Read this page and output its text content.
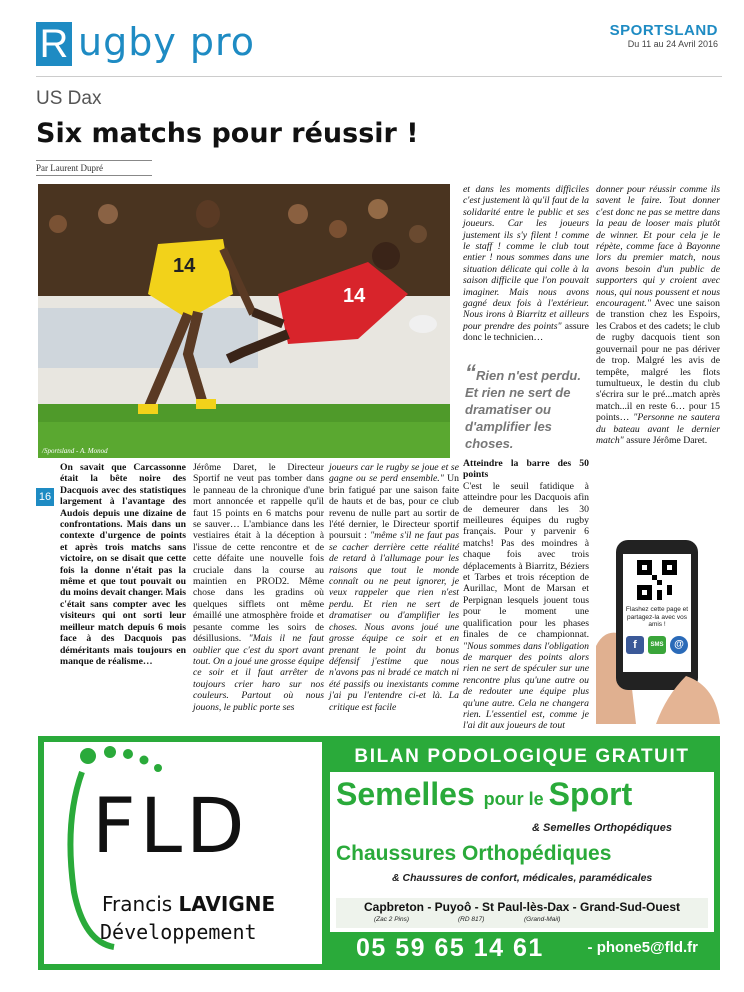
R ugby pro	SPORTSLAND
Du 11 au 24 Avril 2016
US Dax
Six matchs pour réussir !
Par Laurent Dupré
14
14
/Sportsland - A. Monod
16
On savait que Carcassonne était la bête noire des Dacquois avec des statistiques largement à l'avantage des Audois depuis une dizaine de confrontations. Mais dans un contexte d'urgence de points et après trois matchs sans victoire, on se disait que cette fois la donne n'était pas la même et que tout pouvait ou du moins devait changer. Mais c'était sans compter avec les visiteurs qui ont sorti leur meilleur match depuis 6 mois face à des Dacquois pas déméritants mais toujours en manque de réalisme…
Jérôme Daret, le Directeur Sportif ne veut pas tomber dans le panneau de la chronique d'une mort annoncée et rappelle qu'il faut 15 points en 6 matchs pour se sauver… L'ambiance dans les vestiaires était à la déception à l'issue de cette rencontre et de cette défaite une nouvelle fois cruciale dans la course au maintien en PROD2. Même chose dans les gradins où quelques sifflets ont même émaillé une atmosphère froide et pesante comme les soirs de désillusions. "Mais il ne faut oublier que c'est du sport avant tout. On a joué une grosse équipe ce soir et il faut arrêter de toujours crier haro sur nos couleurs. Partout où nous jouons, le public porte ses
joueurs car le rugby se joue et se gagne ou se perd ensemble." Un brin fatigué par une saison faite de hauts et de bas, pour ce club revenu de nulle part au sortir de l'été dernier, le Directeur sportif poursuit : "même s'il ne faut pas se cacher derrière cette réalité de retard à l'allumage pour les raisons que tout le monde connaît ou ne peut ignorer, je veux rappeler que rien n'est perdu. Et rien ne sert de dramatiser ou d'amplifier les choses. Nous avons joué une grosse équipe ce soir et en prenant le point du bonus défensif j'estime que nous n'avons pas ni bradé ce match ni été passifs ou inexistants comme j'ai pu l'entendre ci-et là. La critique est facile
et dans les moments difficiles c'est justement là qu'il faut de la solidarité entre le public et ses joueurs. Car les joueurs justement ils s'y filent ! comme le staff ! comme le club tout entier ! nous sommes dans une situation délicate qui colle à la saison difficile que l'on pouvait imaginer. Mais nous avons gagné deux fois à l'extérieur. Nous irons à Biarritz et ailleurs pour prendre des points" assure donc le technicien…
“Rien n'est perdu. Et rien ne sert de dramatiser ou d'amplifier les choses.
Atteindre la barre des 50 points
C'est le seuil fatidique à atteindre pour les Dacquois afin de demeurer dans les 30 meilleures équipes du rugby français. Pour y parvenir 6 matchs! Pas des moindres à chaque fois avec trois déplacements à Biarritz, Béziers et Tarbes et trois réception de Aurillac, Mont de Marsan et Perpignan lesquels jouent tous pour le moment une qualification pour les phases finales de ce championnat. "Nous sommes dans l'obligation de marquer des points alors rien ne sert de spéculer sur une rencontre plus qu'une autre ou de redouter une équipe plus qu'une autre. Cela ne changera rien. L'essentiel est, comme je l'ai dit aux joueurs de tout
donner pour réussir comme ils savent le faire. Tout donner c'est donc ne pas se mettre dans la peau de looser mais plutôt de winner. Et pour cela je le répète, comme face à Bayonne lors du premier match, nous avons besoin d'un public de supporters qui y croient avec nous, qui nous poussent et nous encouragent." Avec une saison de transtion chez les Espoirs, les Crabos et des cadets; le club de rugby dacquois tient son gouvernail pour ne pas dériver de trop. Malgré les avis de tempête, malgré les flots tumultueux, le destin du club s'écrira sur le pré...match après match...il en reste 6… pour 15 points… "Personne ne sautera du bateau avant le dernier match" assure Jérôme Daret.
Flashez cette page et partagez-la avec vos amis !
f	SMS	@
FLD
Francis LAVIGNE
Développement
BILAN PODOLOGIQUE GRATUIT
Semelles pour le Sport
& Semelles Orthopédiques
Chaussures Orthopédiques
& Chaussures de confort, médicales, paramédicales
Capbreton - Puyoô - St Paul-lès-Dax - Grand-Sud-Ouest
(Zac 2 Pins)	(RD 817)	(Grand-Mail)
05 59 65 14 61	- phone5@fld.fr
